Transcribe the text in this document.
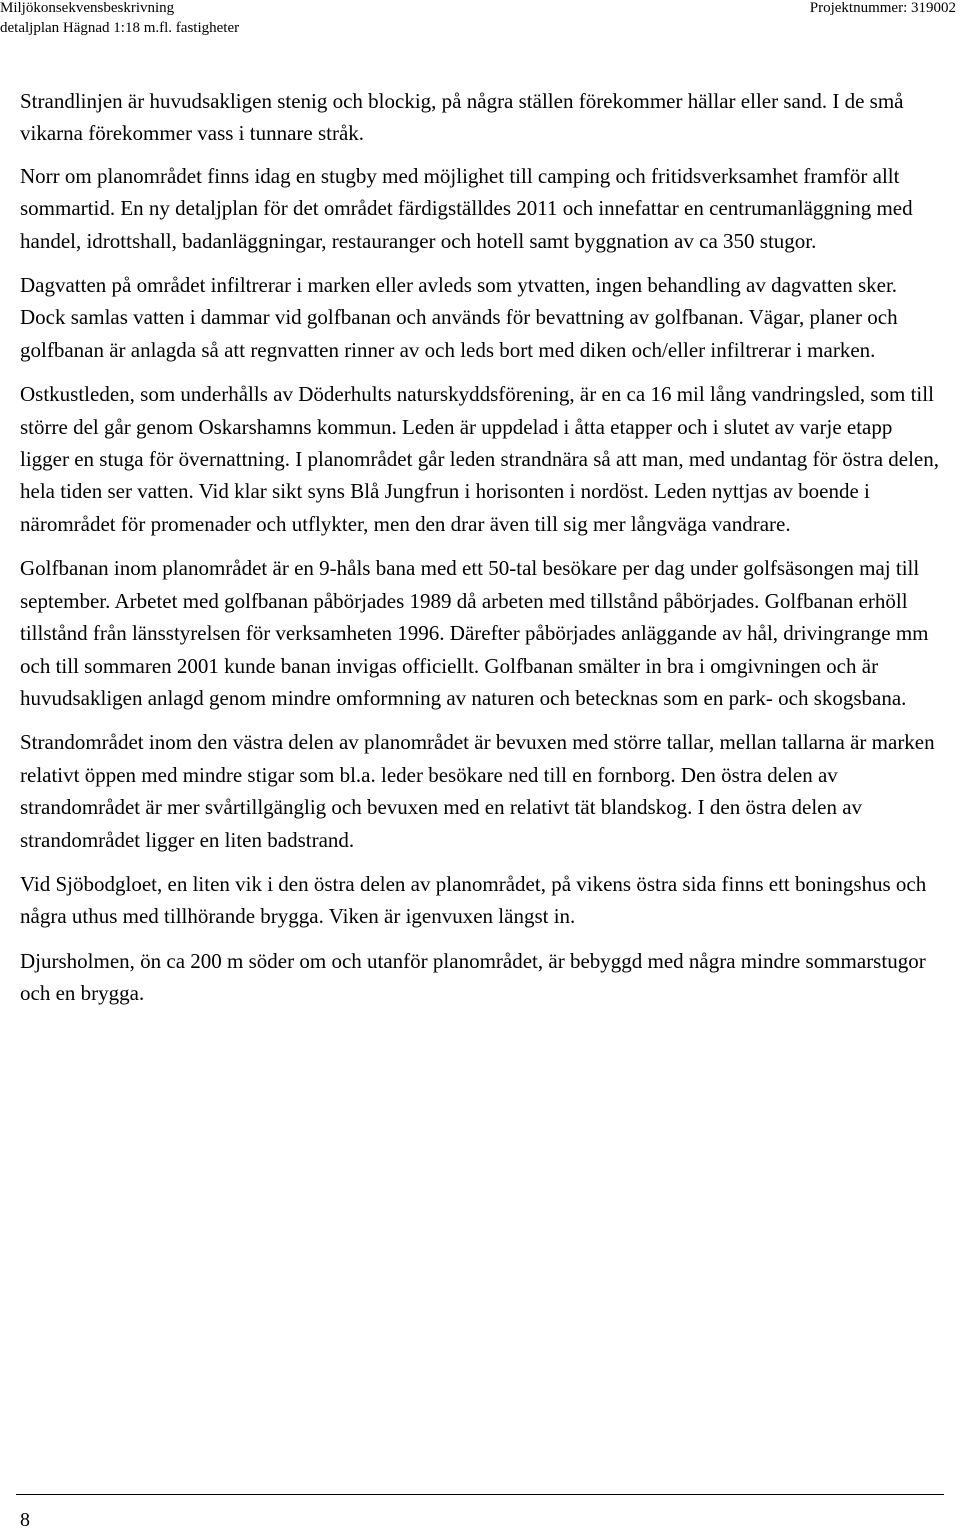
Miljökonsekvensbeskrivning
detaljplan Hägnad 1:18 m.fl. fastigheter
Projektnummer: 319002

Strandlinjen är huvudsakligen stenig och blockig, på några ställen förekommer hällar eller sand. I de små vikarna förekommer vass i tunnare stråk.

Norr om planområdet finns idag en stugby med möjlighet till camping och fritidsverksamhet framför allt sommartid. En ny detaljplan för det området färdigställdes 2011 och innefattar en centrumanläggning med handel, idrottshall, badanläggningar, restauranger och hotell samt byggnation av ca 350 stugor.

Dagvatten på området infiltrerar i marken eller avleds som ytvatten, ingen behandling av dagvatten sker. Dock samlas vatten i dammar vid golfbanan och används för bevattning av golfbanan. Vägar, planer och golfbanan är anlagda så att regnvatten rinner av och leds bort med diken och/eller infiltrerar i marken.

Ostkustleden, som underhålls av Döderhults naturskyddsförening, är en ca 16 mil lång vandringsled, som till större del går genom Oskarshamns kommun. Leden är uppdelad i åtta etapper och i slutet av varje etapp ligger en stuga för övernattning. I planområdet går leden strandnära så att man, med undantag för östra delen, hela tiden ser vatten. Vid klar sikt syns Blå Jungfrun i horisonten i nordöst. Leden nyttjas av boende i närområdet för promenader och utflykter, men den drar även till sig mer långväga vandrare.

Golfbanan inom planområdet är en 9-håls bana med ett 50-tal besökare per dag under golfsäsongen maj till september. Arbetet med golfbanan påbörjades 1989 då arbeten med tillstånd påbörjades. Golfbanan erhöll tillstånd från länsstyrelsen för verksamheten 1996. Därefter påbörjades anläggande av hål, drivingrange mm och till sommaren 2001 kunde banan invigas officiellt. Golfbanan smälter in bra i omgivningen och är huvudsakligen anlagd genom mindre omformning av naturen och betecknas som en park- och skogsbana.

Strandområdet inom den västra delen av planområdet är bevuxen med större tallar, mellan tallarna är marken relativt öppen med mindre stigar som bl.a. leder besökare ned till en fornborg. Den östra delen av strandområdet är mer svårtillgänglig och bevuxen med en relativt tät blandskog. I den östra delen av strandområdet ligger en liten badstrand.

Vid Sjöbodgloet, en liten vik i den östra delen av planområdet, på vikens östra sida finns ett boningshus och några uthus med tillhörande brygga. Viken är igenvuxen längst in.

Djursholmen, ön ca 200 m söder om och utanför planområdet, är bebyggd med några mindre sommarstugor och en brygga.

8
